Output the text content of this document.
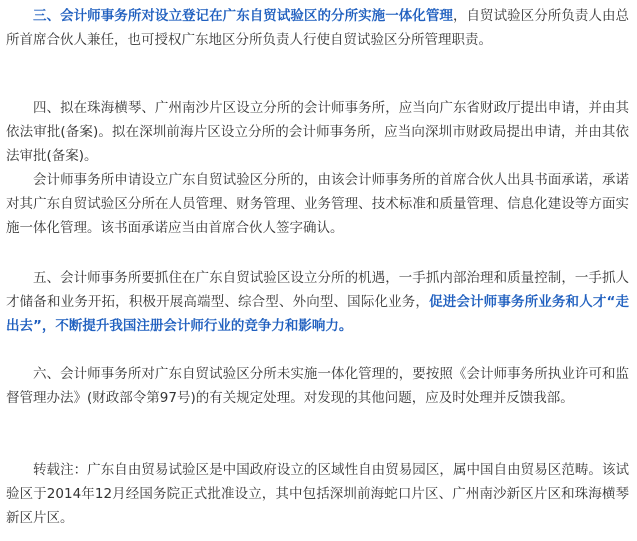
三、会计师事务所对设立登记在广东自贸试验区的分所实施一体化管理，自贸试验区分所负责人由总所首席合伙人兼任，也可授权广东地区分所负责人行使自贸试验区分所管理职责。

四、拟在珠海横琴、广州南沙片区设立分所的会计师事务所，应当向广东省财政厅提出申请，并由其依法审批(备案)。拟在深圳前海片区设立分所的会计师事务所，应当向深圳市财政局提出申请，并由其依法审批(备案)。

会计师事务所申请设立广东自贸试验区分所的，由该会计师事务所的首席合伙人出具书面承诺，承诺对其广东自贸试验区分所在人员管理、财务管理、业务管理、技术标准和质量管理、信息化建设等方面实施一体化管理。该书面承诺应当由首席合伙人签字确认。

五、会计师事务所要抓住在广东自贸试验区设立分所的机遇，一手抓内部治理和质量控制，一手抓人才储备和业务开拓，积极开展高端型、综合型、外向型、国际化业务，促进会计师事务所业务和人才“走出去”，不断提升我国注册会计师行业的竞争力和影响力。

六、会计师事务所对广东自贸试验区分所未实施一体化管理的，要按照《会计师事务所执业许可和监督管理办法》(财政部令第97号)的有关规定处理。对发现的其他问题，应及时处理并反馈我部。

转载注：广东自由贸易试验区是中国政府设立的区域性自由贸易园区，属中国自由贸易区范畴。该试验区于2014年12月经国务院正式批准设立，其中包括深圳前海蛇口片区、广州南沙新区片区和珠海横琴新区片区。
